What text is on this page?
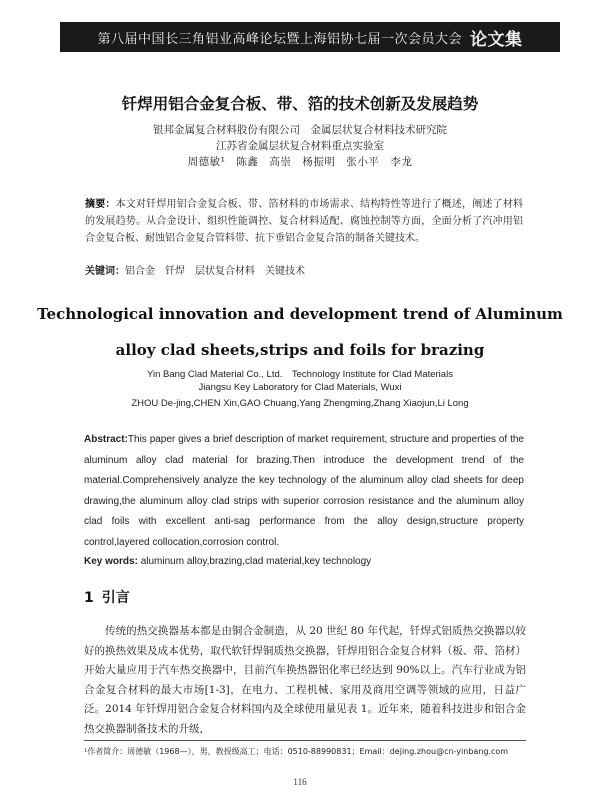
第八届中国长三角铝业高峰论坛暨上海铝协七届一次会员大会 论文集
钎焊用铝合金复合板、带、箔的技术创新及发展趋势
银邦金属复合材料股份有限公司　金属层状复合材料技术研究院
江苏省金属层状复合材料重点实验室
周德敏¹　陈鑫　高崇　杨振明　张小平　李龙
摘要：本文对钎焊用铝合金复合板、带、箔材料的市场需求、结构特性等进行了概述，阐述了材料的发展趋势。从合金设计、组织性能调控、复合材料适配、腐蚀控制等方面，全面分析了汽冲用铝合金复合板、耐蚀铝合金复合管料带、抗下垂铝合金复合箔的制备关键技术。
关键词：铝合金　钎焊　层状复合材料　关键技术
Technological innovation and development trend of Aluminum
alloy clad sheets,strips and foils for brazing
Yin Bang Clad Material Co., Ltd.　Technology Institute for Clad Materials
Jiangsu Key Laboratory for Clad Materials, Wuxi
ZHOU De-jing,CHEN Xin,GAO Chuang,Yang Zhengming,Zhang Xiaojun,Li Long
Abstract:This paper gives a brief description of market requirement, structure and properties of the aluminum alloy clad material for brazing.Then introduce the development trend of the material.Comprehensively analyze the key technology of the aluminum alloy clad sheets for deep drawing,the aluminum alloy clad strips with superior corrosion resistance and the aluminum alloy clad foils with excellent anti-sag performance from the alloy design,structure property control,layered collocation,corrosion control.
Key words: aluminum alloy,brazing,clad material,key technology
1 引言
传统的热交换器基本都是由铜合金制造，从 20 世纪 80 年代起，钎焊式铝质热交换器以较好的换热效果及成本优势，取代软钎焊铜质热交换器，钎焊用铝合金复合材料（板、带、箔材）开始大量应用于汽车热交换器中，目前汽车换热器铝化率已经达到 90%以上。汽车行业成为铝合金复合材料的最大市场[1-3]，在电力、工程机械、家用及商用空调等领域的应用，日益广泛。2014 年钎焊用铝合金复合材料国内及全球使用量见表 1。近年来，随着科技进步和铝合金热交换器制备技术的升级，
¹作者简介：周德敏（1968—），男，教授级高工；电话：0510-88990831；Email：dejing.zhou@cn-yinbang.com
116
